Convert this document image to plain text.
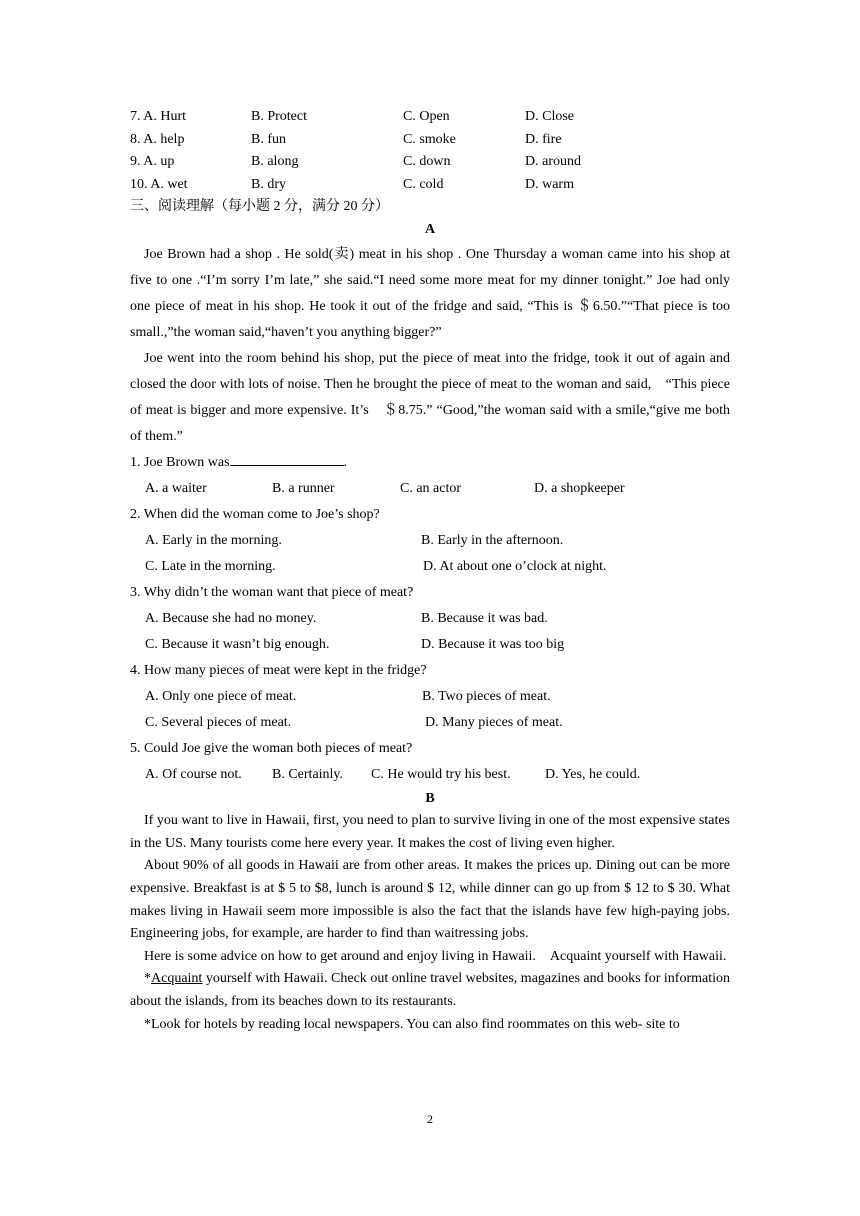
7. A. Hurt	B. Protect	C. Open	D. Close
8. A. help	B. fun	C. smoke	D. fire
9. A. up	B. along	C. down	D. around
10. A. wet	B. dry	C. cold	D. warm
三、阅读理解（每小题 2 分，满分 20 分）
A

Joe Brown had a shop . He sold(卖) meat in his shop . One Thursday a woman came into his shop at five to one .“I’m sorry I’m late,” she said.“I need some more meat for my dinner tonight.” Joe had only one piece of meat in his shop. He took it out of the fridge and said, “This is ＄6.50.”“That piece is too small.,”the woman said,“haven’t you anything bigger?”

Joe went into the room behind his shop, put the piece of meat into the fridge, took it out of again and closed the door with lots of noise. Then he brought the piece of meat to the woman and said,　“This piece of meat is bigger and more expensive. It’s　＄8.75.” “Good,”the woman said with a smile,“give me both of them.”

1. Joe Brown was	.
A. a waiter	B. a runner	C. an actor	D. a shopkeeper
2. When did the woman come to Joe’s shop?
A. Early in the morning.	B. Early in the afternoon.
C. Late in the morning.	D. At about one o’clock at night.
3. Why didn’t the woman want that piece of meat?
A. Because she had no money.	B. Because it was bad.
C. Because it wasn’t big enough.	D. Because it was too big
4. How many pieces of meat were kept in the fridge?
A. Only one piece of meat.	B. Two pieces of meat.
C. Several pieces of meat.	D. Many pieces of meat.
5. Could Joe give the woman both pieces of meat?
A. Of course not. B. Certainly. C. He would try his best. D. Yes, he could.
B

If you want to live in Hawaii, first, you need to plan to survive living in one of the most expensive states in the US. Many tourists come here every year. It makes the cost of living even higher.

About 90% of all goods in Hawaii are from other areas. It makes the prices up. Dining out can be more expensive. Breakfast is at $ 5 to $8, lunch is around $ 12, while dinner can go up from $ 12 to $ 30. What makes living in Hawaii seem more impossible is also the fact that the islands have few high-paying jobs. Engineering jobs, for example, are harder to find than waitressing jobs.

Here is some advice on how to get around and enjoy living in Hawaii.　Acquaint yourself with Hawaii.

*Acquaint yourself with Hawaii. Check out online travel websites, magazines and books for information about the islands, from its beaches down to its restaurants.

*Look for hotels by reading local newspapers. You can also find roommates on this web- site to

2
